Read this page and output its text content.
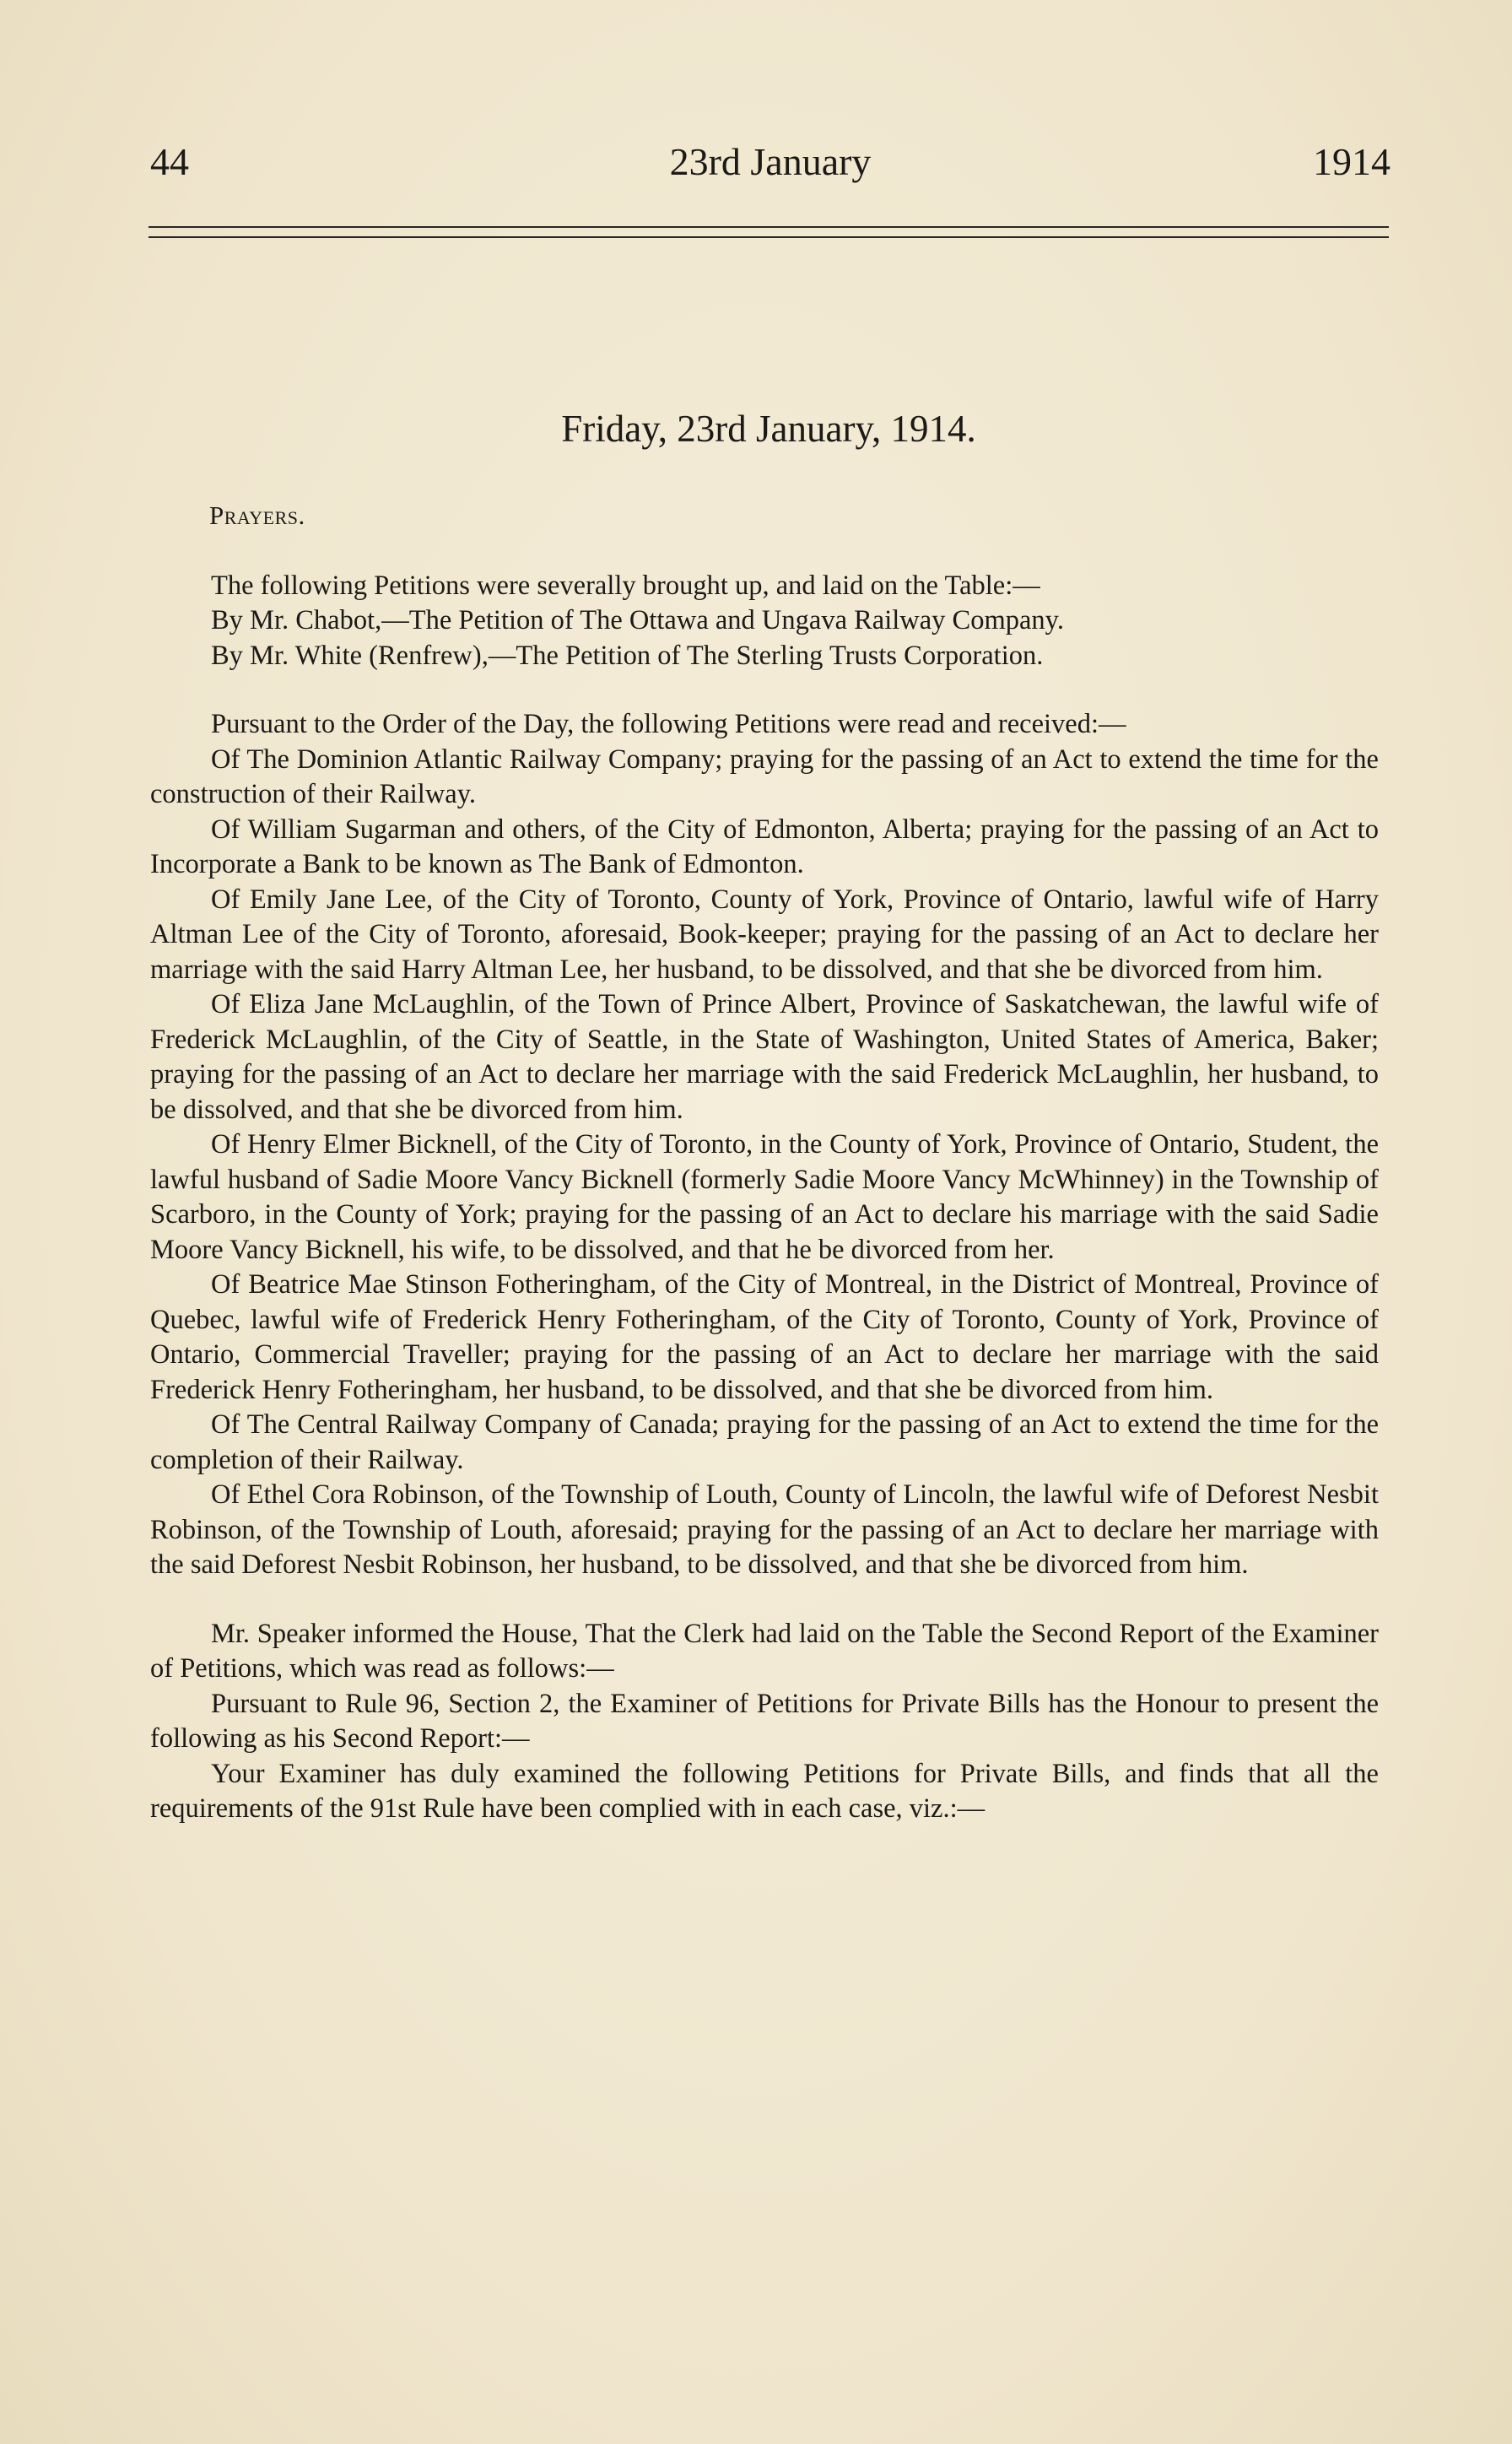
44	23rd January	1914
Friday, 23rd January, 1914.
Prayers.

The following Petitions were severally brought up, and laid on the Table:—

By Mr. Chabot,—The Petition of The Ottawa and Ungava Railway Company.

By Mr. White (Renfrew),—The Petition of The Sterling Trusts Corporation.

Pursuant to the Order of the Day, the following Petitions were read and received:—

Of The Dominion Atlantic Railway Company; praying for the passing of an Act to extend the time for the construction of their Railway.

Of William Sugarman and others, of the City of Edmonton, Alberta; praying for the passing of an Act to Incorporate a Bank to be known as The Bank of Edmonton.

Of Emily Jane Lee, of the City of Toronto, County of York, Province of Ontario, lawful wife of Harry Altman Lee of the City of Toronto, aforesaid, Book-keeper; praying for the passing of an Act to declare her marriage with the said Harry Altman Lee, her husband, to be dissolved, and that she be divorced from him.

Of Eliza Jane McLaughlin, of the Town of Prince Albert, Province of Saskatchewan, the lawful wife of Frederick McLaughlin, of the City of Seattle, in the State of Washington, United States of America, Baker; praying for the passing of an Act to declare her marriage with the said Frederick McLaughlin, her husband, to be dissolved, and that she be divorced from him.

Of Henry Elmer Bicknell, of the City of Toronto, in the County of York, Province of Ontario, Student, the lawful husband of Sadie Moore Vancy Bicknell (formerly Sadie Moore Vancy McWhinney) in the Township of Scarboro, in the County of York; praying for the passing of an Act to declare his marriage with the said Sadie Moore Vancy Bicknell, his wife, to be dissolved, and that he be divorced from her.

Of Beatrice Mae Stinson Fotheringham, of the City of Montreal, in the District of Montreal, Province of Quebec, lawful wife of Frederick Henry Fotheringham, of the City of Toronto, County of York, Province of Ontario, Commercial Traveller; praying for the passing of an Act to declare her marriage with the said Frederick Henry Fotheringham, her husband, to be dissolved, and that she be divorced from him.

Of The Central Railway Company of Canada; praying for the passing of an Act to extend the time for the completion of their Railway.

Of Ethel Cora Robinson, of the Township of Louth, County of Lincoln, the lawful wife of Deforest Nesbit Robinson, of the Township of Louth, aforesaid; praying for the passing of an Act to declare her marriage with the said Deforest Nesbit Robinson, her husband, to be dissolved, and that she be divorced from him.

Mr. Speaker informed the House, That the Clerk had laid on the Table the Second Report of the Examiner of Petitions, which was read as follows:—

Pursuant to Rule 96, Section 2, the Examiner of Petitions for Private Bills has the Honour to present the following as his Second Report:—

Your Examiner has duly examined the following Petitions for Private Bills, and finds that all the requirements of the 91st Rule have been complied with in each case, viz.:—
